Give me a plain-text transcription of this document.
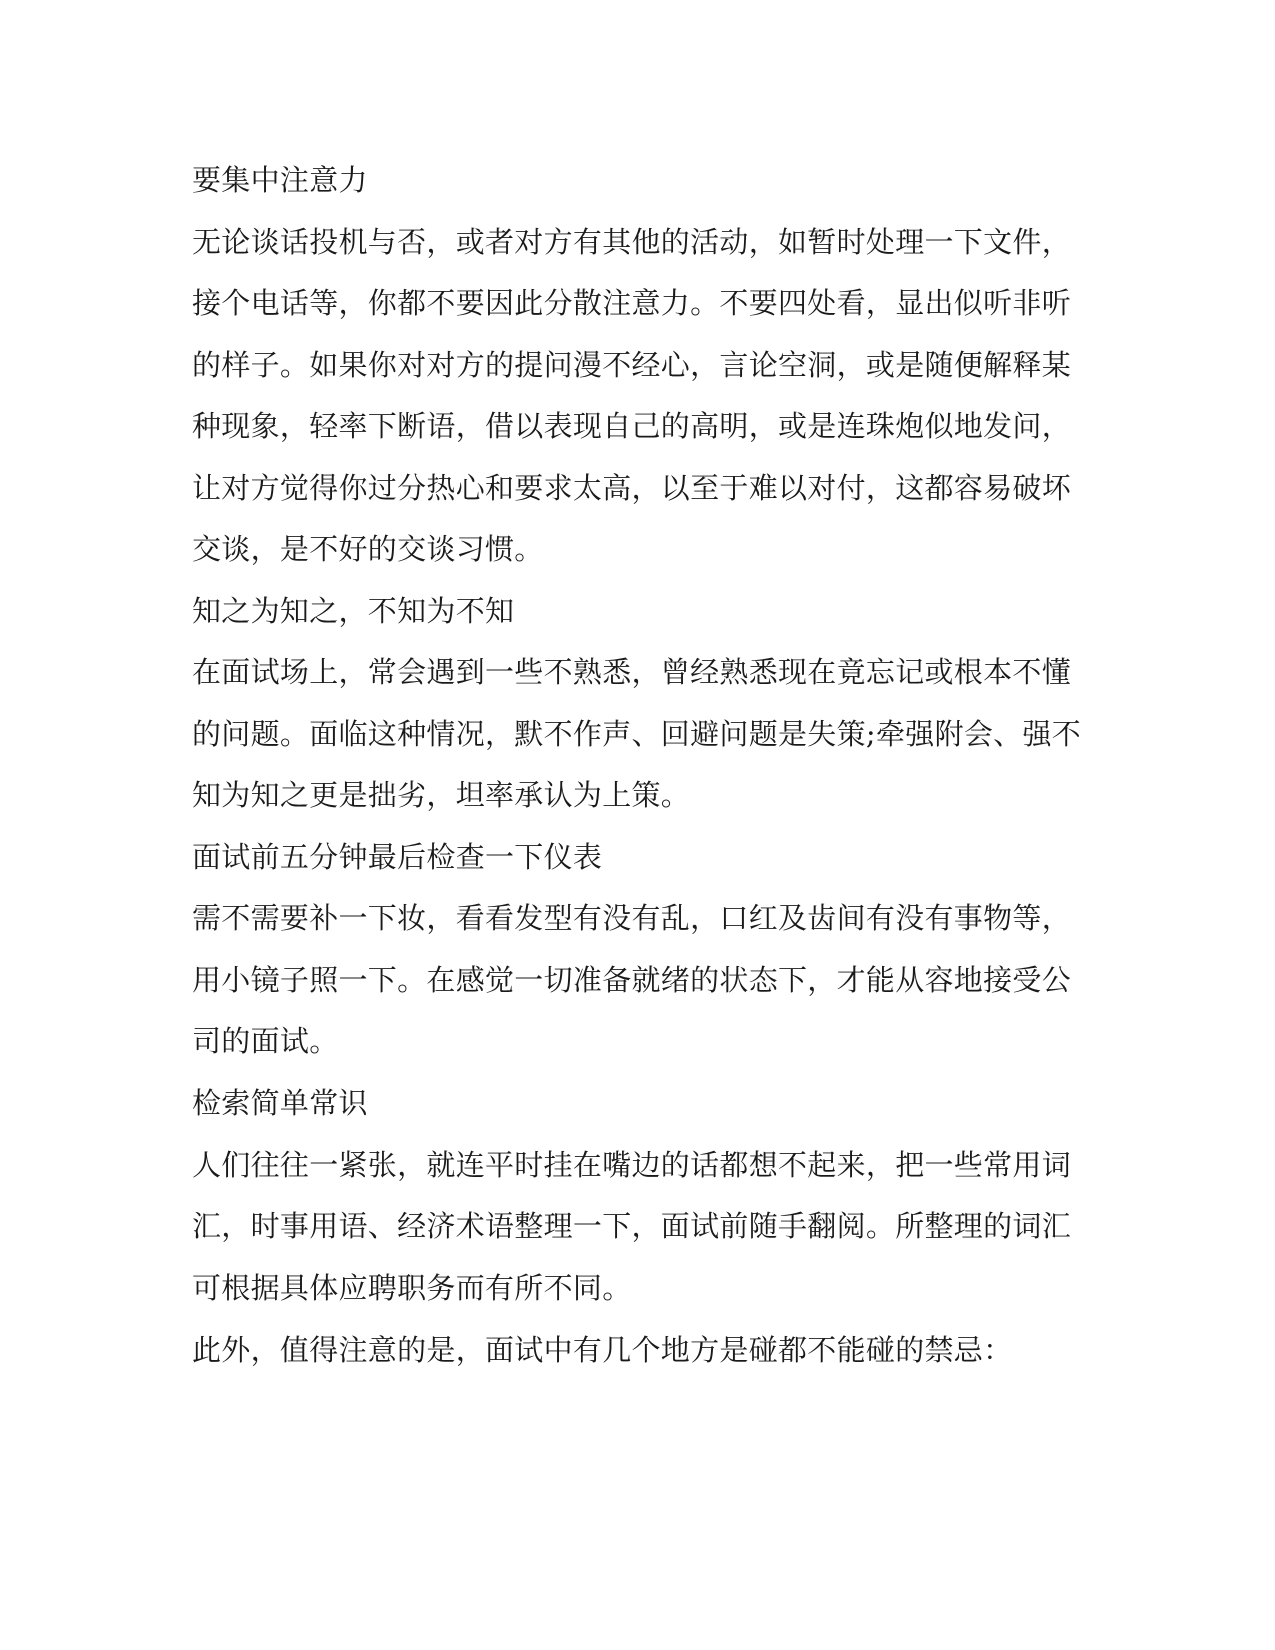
要集中注意力
无论谈话投机与否，或者对方有其他的活动，如暂时处理一下文件，
接个电话等，你都不要因此分散注意力。不要四处看，显出似听非听
的样子。如果你对对方的提问漫不经心，言论空洞，或是随便解释某
种现象，轻率下断语，借以表现自己的高明，或是连珠炮似地发问，
让对方觉得你过分热心和要求太高，以至于难以对付，这都容易破坏
交谈，是不好的交谈习惯。
知之为知之，不知为不知
在面试场上，常会遇到一些不熟悉，曾经熟悉现在竟忘记或根本不懂
的问题。面临这种情况，默不作声、回避问题是失策;牵强附会、强不
知为知之更是拙劣，坦率承认为上策。
面试前五分钟最后检查一下仪表
需不需要补一下妆，看看发型有没有乱，口红及齿间有没有事物等，
用小镜子照一下。在感觉一切准备就绪的状态下，才能从容地接受公
司的面试。
检索简单常识
人们往往一紧张，就连平时挂在嘴边的话都想不起来，把一些常用词
汇，时事用语、经济术语整理一下，面试前随手翻阅。所整理的词汇
可根据具体应聘职务而有所不同。
此外，值得注意的是，面试中有几个地方是碰都不能碰的禁忌：
